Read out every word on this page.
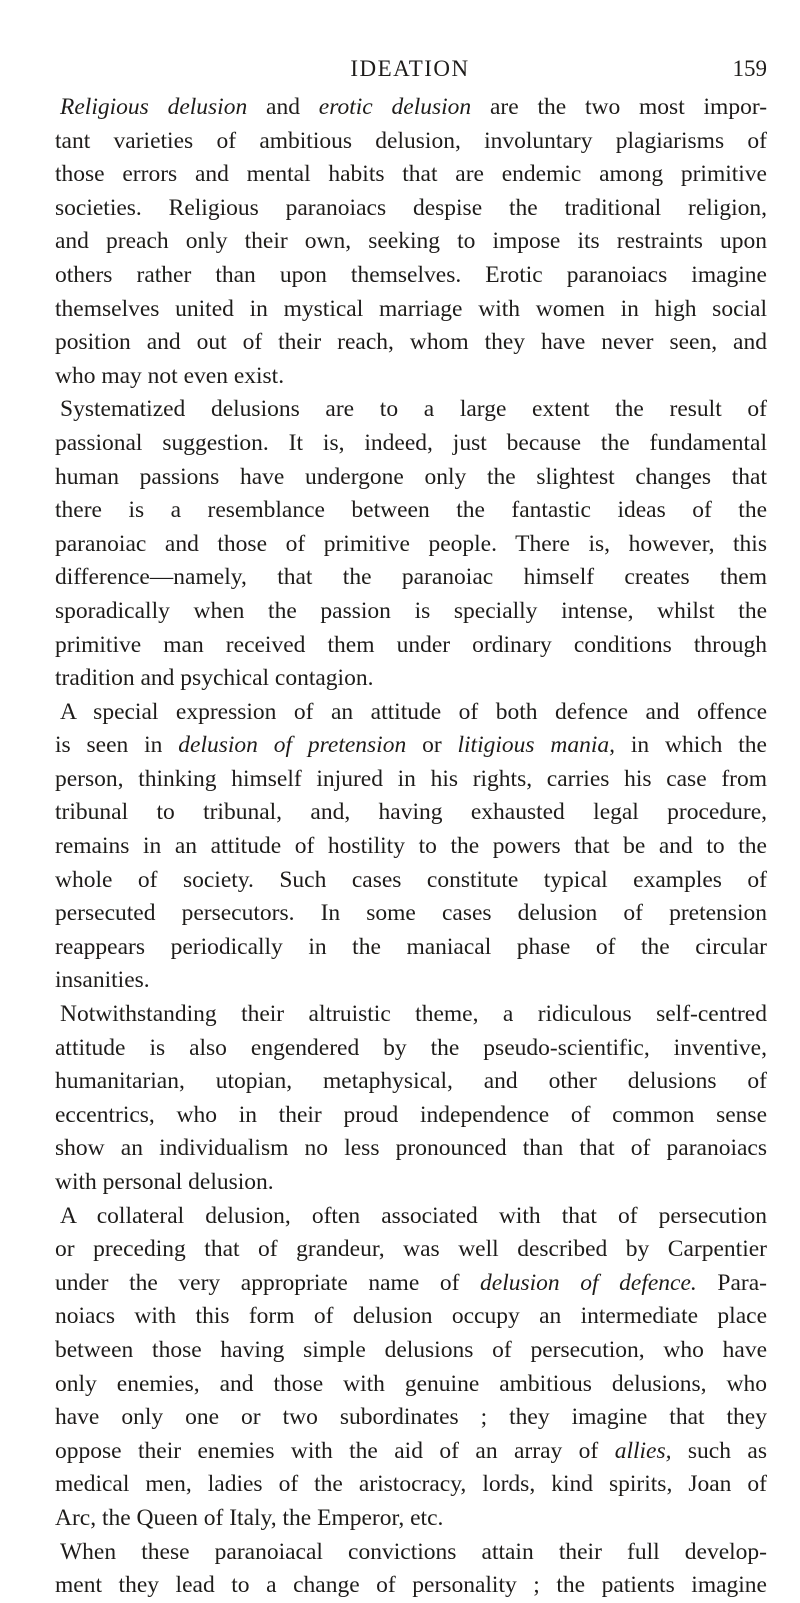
IDEATION	159
Religious delusion and erotic delusion are the two most impor-
tant varieties of ambitious delusion, involuntary plagiarisms of
those errors and mental habits that are endemic among primitive
societies. Religious paranoiacs despise the traditional religion,
and preach only their own, seeking to impose its restraints upon
others rather than upon themselves. Erotic paranoiacs imagine
themselves united in mystical marriage with women in high social
position and out of their reach, whom they have never seen, and
who may not even exist.
Systematized delusions are to a large extent the result of
passional suggestion. It is, indeed, just because the fundamental
human passions have undergone only the slightest changes that
there is a resemblance between the fantastic ideas of the
paranoiac and those of primitive people. There is, however, this
difference—namely, that the paranoiac himself creates them
sporadically when the passion is specially intense, whilst the
primitive man received them under ordinary conditions through
tradition and psychical contagion.
A special expression of an attitude of both defence and offence
is seen in delusion of pretension or litigious mania, in which the
person, thinking himself injured in his rights, carries his case from
tribunal to tribunal, and, having exhausted legal procedure,
remains in an attitude of hostility to the powers that be and to the
whole of society. Such cases constitute typical examples of
persecuted persecutors. In some cases delusion of pretension
reappears periodically in the maniacal phase of the circular
insanities.
Notwithstanding their altruistic theme, a ridiculous self-centred
attitude is also engendered by the pseudo-scientific, inventive,
humanitarian, utopian, metaphysical, and other delusions of
eccentrics, who in their proud independence of common sense
show an individualism no less pronounced than that of paranoiacs
with personal delusion.
A collateral delusion, often associated with that of persecution
or preceding that of grandeur, was well described by Carpentier
under the very appropriate name of delusion of defence. Para-
noiacs with this form of delusion occupy an intermediate place
between those having simple delusions of persecution, who have
only enemies, and those with genuine ambitious delusions, who
have only one or two subordinates ; they imagine that they
oppose their enemies with the aid of an array of allies, such as
medical men, ladies of the aristocracy, lords, kind spirits, Joan of
Arc, the Queen of Italy, the Emperor, etc.
When these paranoiacal convictions attain their full develop-
ment they lead to a change of personality ; the patients imagine
